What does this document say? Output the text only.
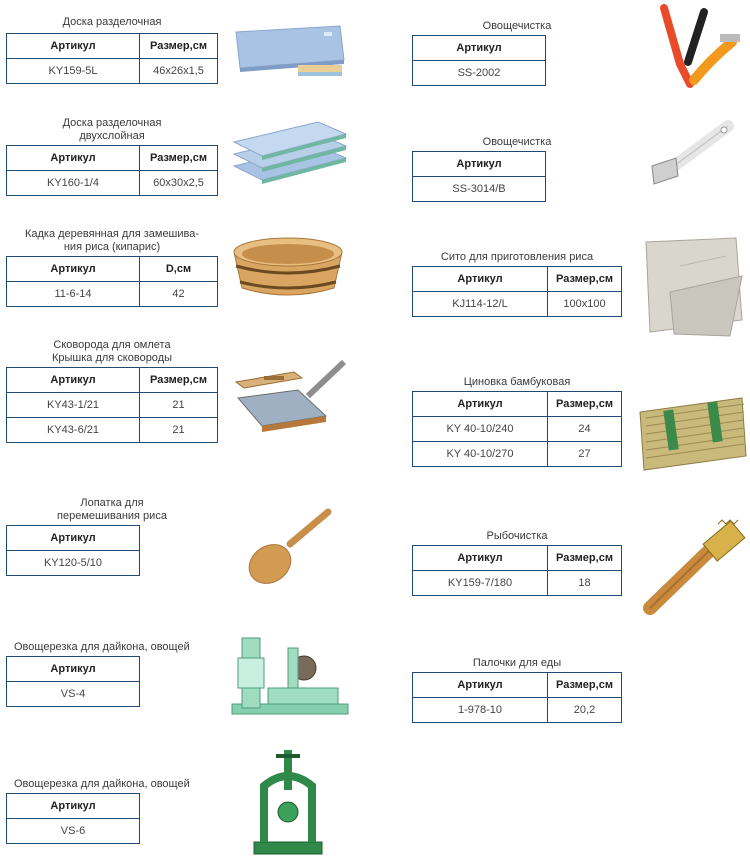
Доска разделочная
Артикул	Размер,см
KY159-5L	46x26x1,5
Доска разделочная
двухслойная
Артикул	Размер,см
KY160-1/4	60x30x2,5
Кадка деревянная для замешива-
ния риса (кипарис)
Артикул	D,см
11-6-14	42
Сковорода для омлета
Крышка для сковороды
Артикул	Размер,см
KY43-1/21	21
KY43-6/21	21
Лопатка для
перемешивания риса
Артикул
KY120-5/10
Овощерезка для дайкона, овощей
Артикул
VS-4
Овощерезка для дайкона, овощей
Артикул
VS-6
Овощечистка
Артикул
SS-2002
Овощечистка
Артикул
SS-3014/B
Сито для приготовления риса
Артикул	Размер,см
KJ114-12/L	100x100
Циновка бамбуковая
Артикул	Размер,см
KY 40-10/240	24
KY 40-10/270	27
Рыбочистка
Артикул	Размер,см
KY159-7/180	18
Палочки для еды
Артикул	Размер,см
1-978-10	20,2
